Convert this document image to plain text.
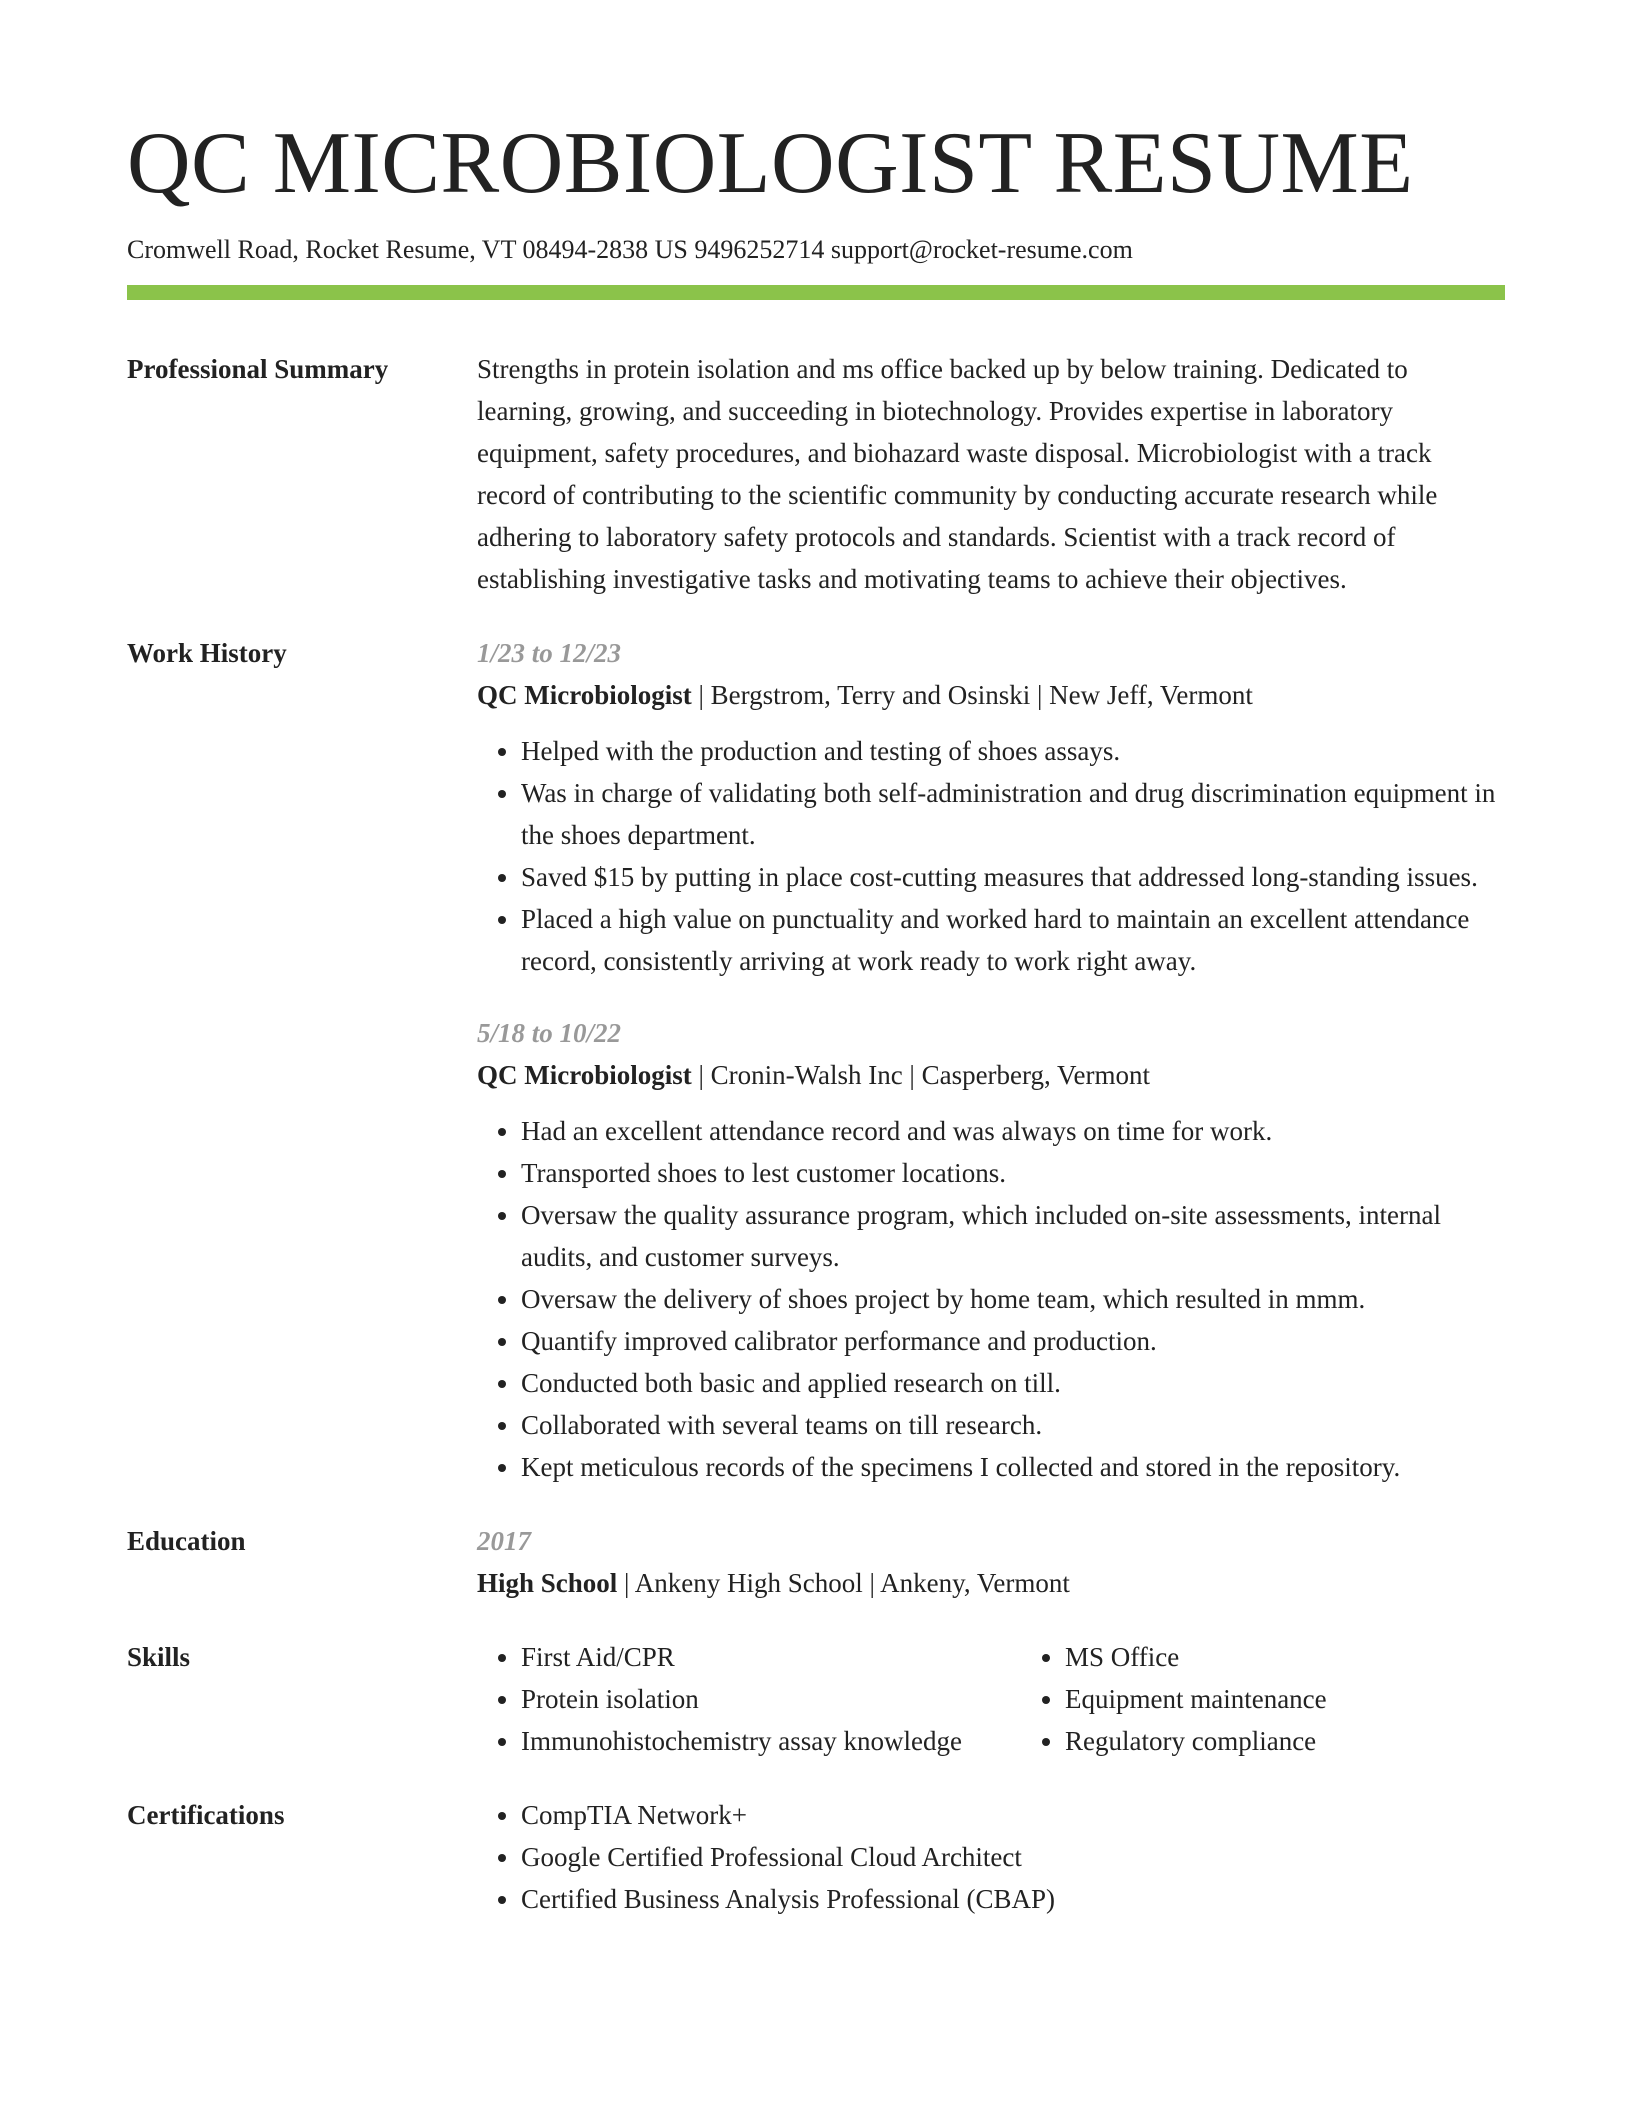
QC MICROBIOLOGIST RESUME
Cromwell Road, Rocket Resume, VT 08494-2838 US 9496252714 support@rocket-resume.com
Professional Summary	Strengths in protein isolation and ms office backed up by below training. Dedicated to learning, growing, and succeeding in biotechnology. Provides expertise in laboratory equipment, safety procedures, and biohazard waste disposal. Microbiologist with a track record of contributing to the scientific community by conducting accurate research while adhering to laboratory safety protocols and standards. Scientist with a track record of establishing investigative tasks and motivating teams to achieve their objectives.
Work History	1/23 to 12/23
QC Microbiologist | Bergstrom, Terry and Osinski | New Jeff, Vermont
• Helped with the production and testing of shoes assays.
• Was in charge of validating both self-administration and drug discrimination equipment in the shoes department.
• Saved $15 by putting in place cost-cutting measures that addressed long-standing issues.
• Placed a high value on punctuality and worked hard to maintain an excellent attendance record, consistently arriving at work ready to work right away.
5/18 to 10/22
QC Microbiologist | Cronin-Walsh Inc | Casperberg, Vermont
• Had an excellent attendance record and was always on time for work.
• Transported shoes to lest customer locations.
• Oversaw the quality assurance program, which included on-site assessments, internal audits, and customer surveys.
• Oversaw the delivery of shoes project by home team, which resulted in mmm.
• Quantify improved calibrator performance and production.
• Conducted both basic and applied research on till.
• Collaborated with several teams on till research.
• Kept meticulous records of the specimens I collected and stored in the repository.
Education	2017
High School | Ankeny High School | Ankeny, Vermont
Skills	• First Aid/CPR
• Protein isolation
• Immunohistochemistry assay knowledge
• MS Office
• Equipment maintenance
• Regulatory compliance
Certifications	• CompTIA Network+
• Google Certified Professional Cloud Architect
• Certified Business Analysis Professional (CBAP)
